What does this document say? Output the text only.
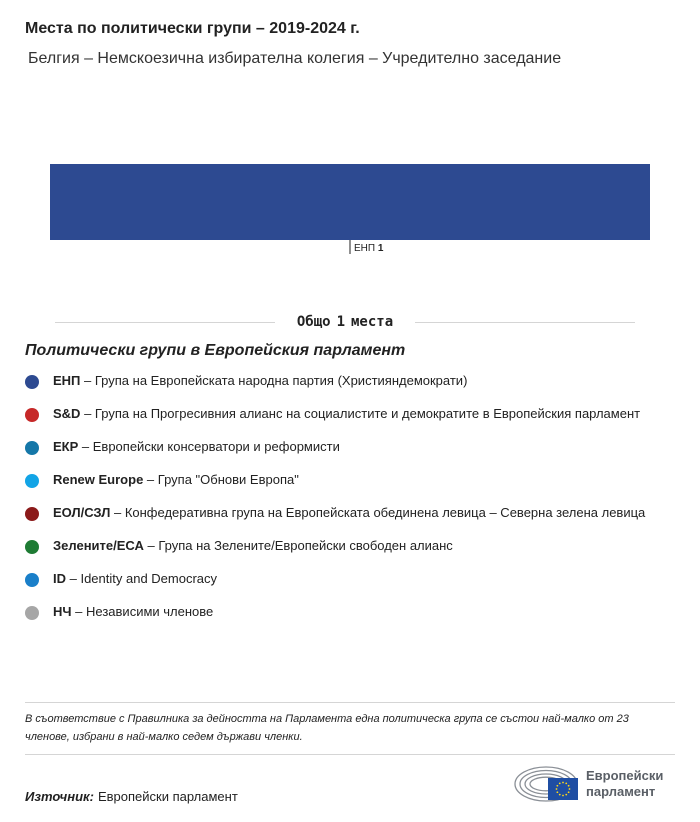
Места по политически групи – 2019-2024 г.
Белгия – Немскоезична избирателна колегия – Учредително заседание
ЕНП 1
Общо 1 места
Политически групи в Европейския парламент
ЕНП – Група на Европейската народна партия (Християндемократи)
S&D – Група на Прогресивния алианс на социалистите и демократите в Европейския парламент
ЕКР – Европейски консерватори и реформисти
Renew Europe – Група "Обнови Европа"
ЕОЛ/СЗЛ – Конфедеративна група на Европейската обединена левица – Северна зелена левица
Зелените/ЕСА – Група на Зелените/Европейски свободен алианс
ID – Identity and Democracy
НЧ – Независими членове
В съответствие с Правилника за дейността на Парламента една политическа група се състои най-малко от 23 членове, избрани в най-малко седем държави членки.
Източник: Европейски парламент
Европейски
парламент
